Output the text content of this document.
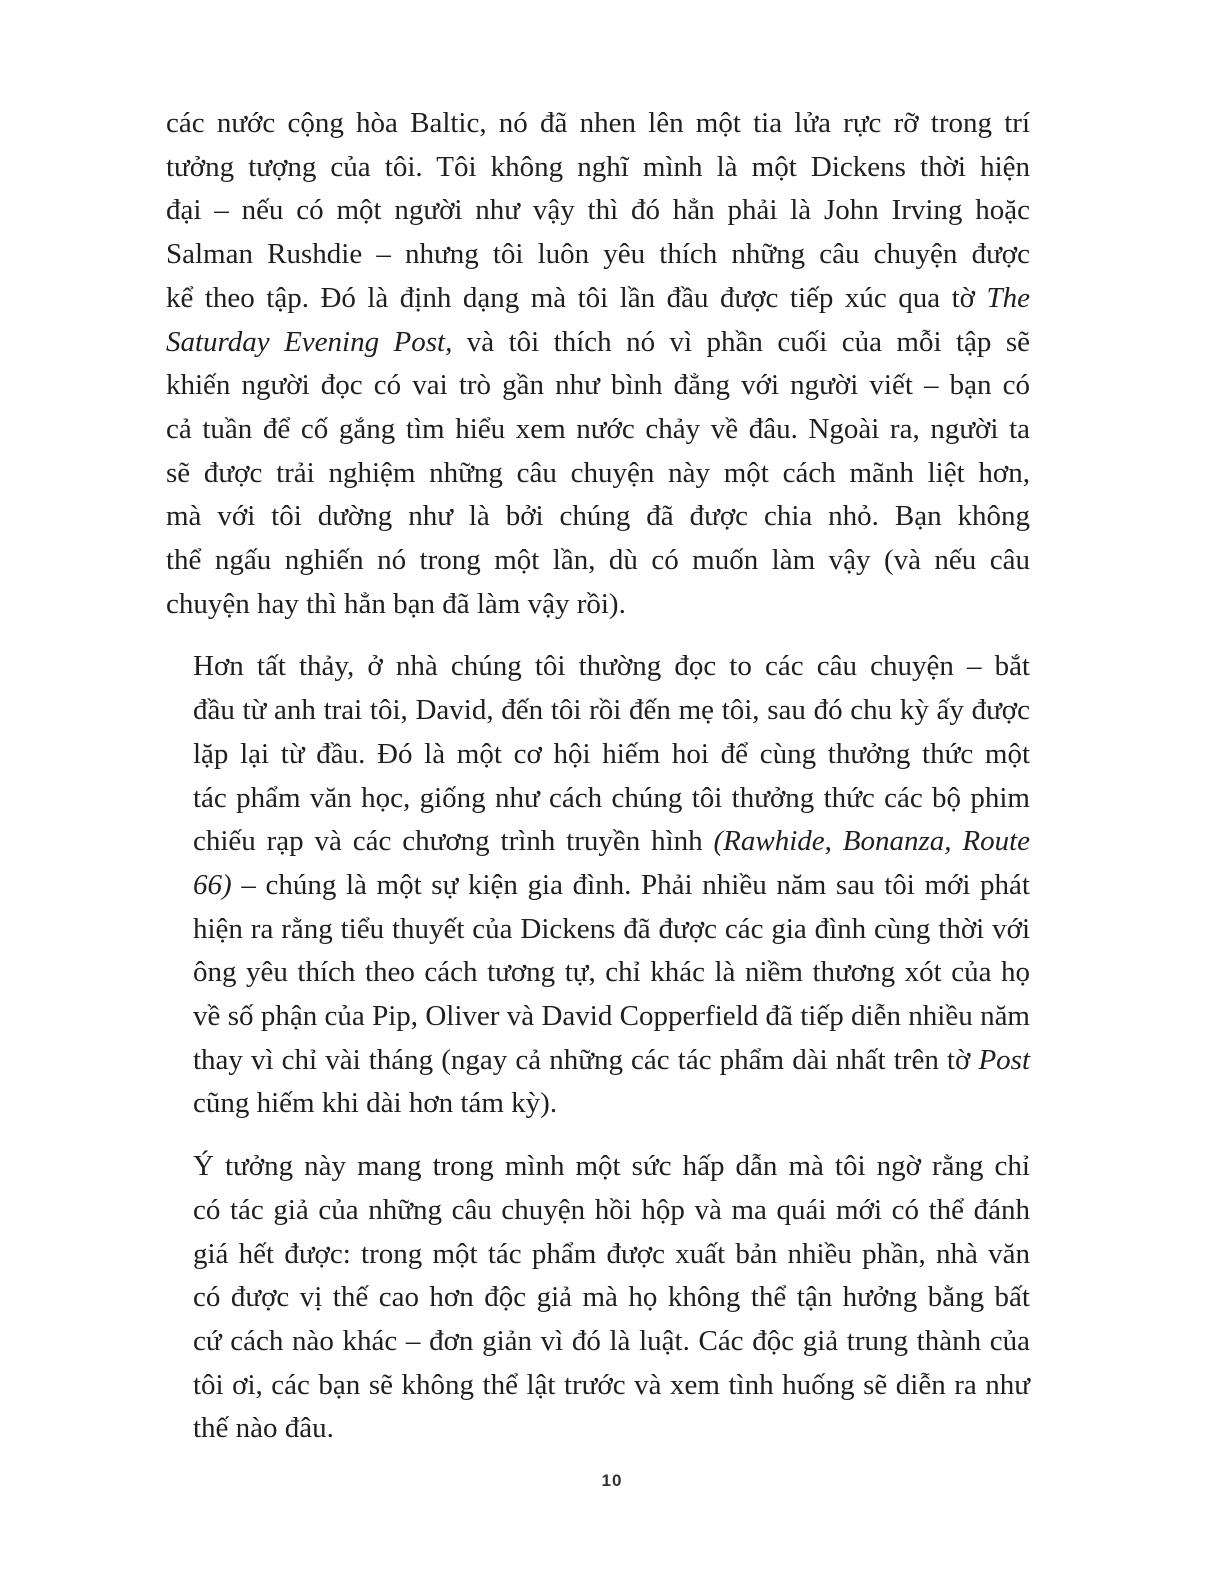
các nước cộng hòa Baltic, nó đã nhen lên một tia lửa rực rỡ trong trí
tưởng tượng của tôi. Tôi không nghĩ mình là một Dickens thời hiện
đại – nếu có một người như vậy thì đó hẳn phải là John Irving hoặc
Salman Rushdie – nhưng tôi luôn yêu thích những câu chuyện được
kể theo tập. Đó là định dạng mà tôi lần đầu được tiếp xúc qua tờ The
Saturday Evening Post, và tôi thích nó vì phần cuối của mỗi tập sẽ
khiến người đọc có vai trò gần như bình đẳng với người viết – bạn có
cả tuần để cố gắng tìm hiểu xem nước chảy về đâu. Ngoài ra, người ta
sẽ được trải nghiệm những câu chuyện này một cách mãnh liệt hơn,
mà với tôi dường như là bởi chúng đã được chia nhỏ. Bạn không
thể ngấu nghiến nó trong một lần, dù có muốn làm vậy (và nếu câu
chuyện hay thì hẳn bạn đã làm vậy rồi).

Hơn tất thảy, ở nhà chúng tôi thường đọc to các câu chuyện – bắt
đầu từ anh trai tôi, David, đến tôi rồi đến mẹ tôi, sau đó chu kỳ ấy được
lặp lại từ đầu. Đó là một cơ hội hiếm hoi để cùng thưởng thức một
tác phẩm văn học, giống như cách chúng tôi thưởng thức các bộ phim
chiếu rạp và các chương trình truyền hình (Rawhide, Bonanza, Route
66) – chúng là một sự kiện gia đình. Phải nhiều năm sau tôi mới phát
hiện ra rằng tiểu thuyết của Dickens đã được các gia đình cùng thời với
ông yêu thích theo cách tương tự, chỉ khác là niềm thương xót của họ
về số phận của Pip, Oliver và David Copperfield đã tiếp diễn nhiều năm
thay vì chỉ vài tháng (ngay cả những các tác phẩm dài nhất trên tờ Post
cũng hiếm khi dài hơn tám kỳ).

Ý tưởng này mang trong mình một sức hấp dẫn mà tôi ngờ rằng chỉ
có tác giả của những câu chuyện hồi hộp và ma quái mới có thể đánh
giá hết được: trong một tác phẩm được xuất bản nhiều phần, nhà văn
có được vị thế cao hơn độc giả mà họ không thể tận hưởng bằng bất
cứ cách nào khác – đơn giản vì đó là luật. Các độc giả trung thành của
tôi ơi, các bạn sẽ không thể lật trước và xem tình huống sẽ diễn ra như
thế nào đâu.

10
